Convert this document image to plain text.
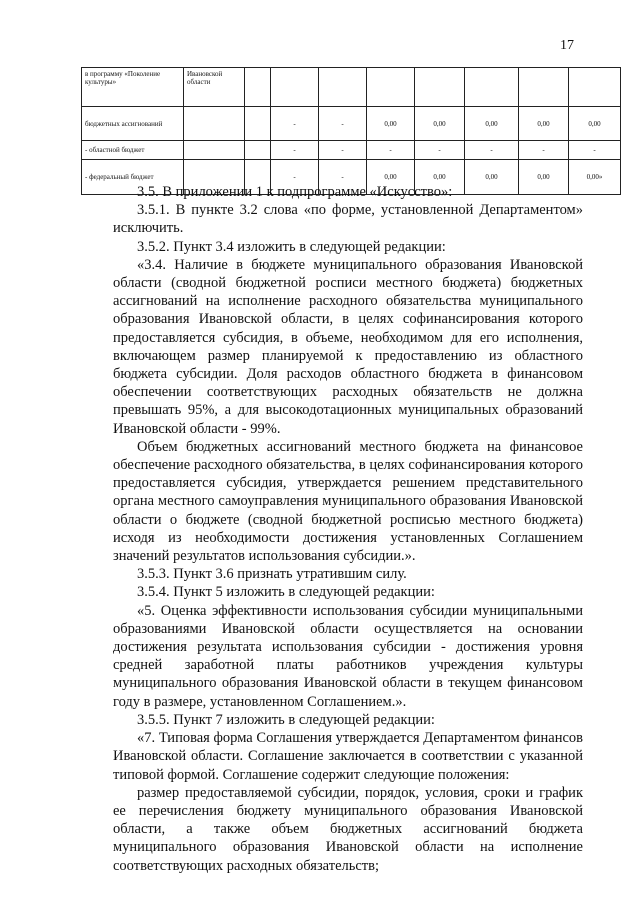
17
в программу «Поколение культуры»	Ивановской области								
бюджетных ассигнований			-	-	0,00	0,00	0,00	0,00	0,00
- областной бюджет			-	-	-	-	-	-	-
- федеральный бюджет			-	-	0,00	0,00	0,00	0,00	0,00»

3.5. В приложении 1 к подпрограмме «Искусство»:

3.5.1. В пункте 3.2 слова «по форме, установленной Департаментом» исключить.

3.5.2. Пункт 3.4 изложить в следующей редакции:

«3.4. Наличие в бюджете муниципального образования Ивановской области (сводной бюджетной росписи местного бюджета) бюджетных ассигнований на исполнение расходного обязательства муниципального образования Ивановской области, в целях софинансирования которого предоставляется субсидия, в объеме, необходимом для его исполнения, включающем размер планируемой к предоставлению из областного бюджета субсидии. Доля расходов областного бюджета в финансовом обеспечении соответствующих расходных обязательств не должна превышать 95%, а для высокодотационных муниципальных образований Ивановской области - 99%.

Объем бюджетных ассигнований местного бюджета на финансовое обеспечение расходного обязательства, в целях софинансирования которого предоставляется субсидия, утверждается решением представительного органа местного самоуправления муниципального образования Ивановской области о бюджете (сводной бюджетной росписью местного бюджета) исходя из необходимости достижения установленных Соглашением значений результатов использования субсидии.».

3.5.3. Пункт 3.6 признать утратившим силу.

3.5.4. Пункт 5 изложить в следующей редакции:

«5. Оценка эффективности использования субсидии муниципальными образованиями Ивановской области осуществляется на основании достижения результата использования субсидии - достижения уровня средней заработной платы работников учреждения культуры муниципального образования Ивановской области в текущем финансовом году в размере, установленном Соглашением.».

3.5.5. Пункт 7 изложить в следующей редакции:

«7. Типовая форма Соглашения утверждается Департаментом финансов Ивановской области. Соглашение заключается в соответствии с указанной типовой формой. Соглашение содержит следующие положения:

размер предоставляемой субсидии, порядок, условия, сроки и график ее перечисления бюджету муниципального образования Ивановской области, а также объем бюджетных ассигнований бюджета муниципального образования Ивановской области на исполнение соответствующих расходных обязательств;
